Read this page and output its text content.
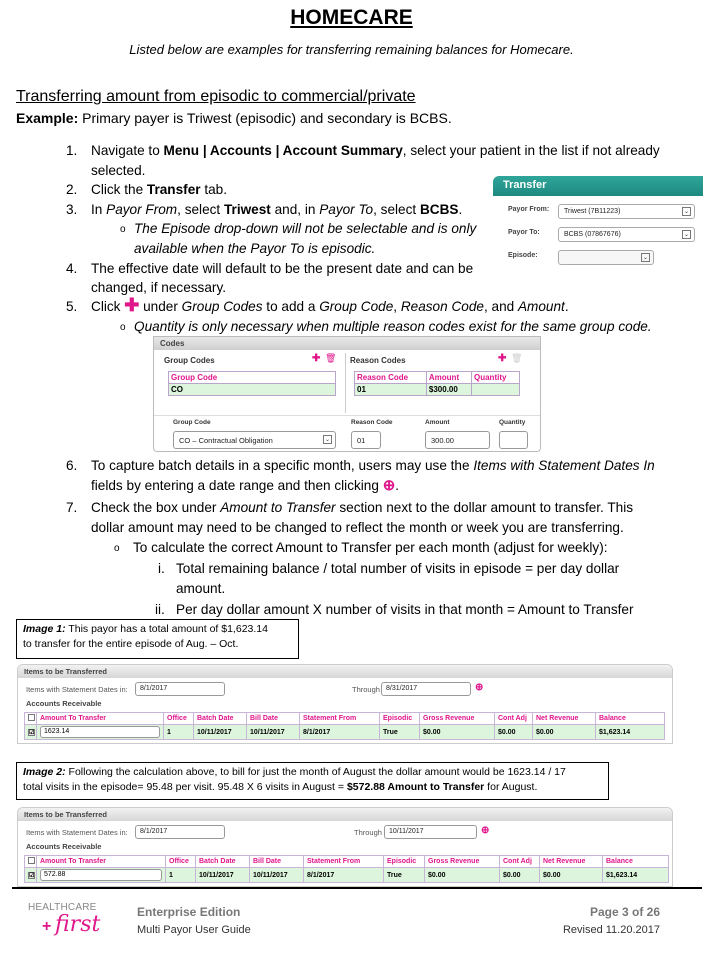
HOMECARE
Listed below are examples for transferring remaining balances for Homecare.
Transferring amount from episodic to commercial/private
Example: Primary payer is Triwest (episodic) and secondary is BCBS.
1. Navigate to Menu | Accounts | Account Summary, select your patient in the list if not already
selected.
2. Click the Transfer tab.
3. In Payor From, select Triwest and, in Payor To, select BCBS.
o The Episode drop-down will not be selectable and is only
available when the Payor To is episodic.
4. The effective date will default to be the present date and can be
changed, if necessary.
Transfer
Payor From:	Triwest (7B11223)	⌄
Payor To:	BCBS (07867676)	⌄
Episode:	⌄
5. Click ✚ under Group Codes to add a Group Code, Reason Code, and Amount.
o Quantity is only necessary when multiple reason codes exist for the same group code.
Codes
Group Codes	✚ 🗑
Group Code
CO
Reason Codes	✚ 🗑
Reason Code	Amount	Quantity
01	$300.00	
Group Code
CO – Contractual Obligation	⌄
Reason Code
01
Amount
300.00
Quantity
6. To capture batch details in a specific month, users may use the Items with Statement Dates In
fields by entering a date range and then clicking ⊕.
7. Check the box under Amount to Transfer section next to the dollar amount to transfer. This
dollar amount may need to be changed to reflect the month or week you are transferring.
o To calculate the correct Amount to Transfer per each month (adjust for weekly):
i. Total remaining balance / total number of visits in episode = per day dollar
amount.
ii. Per day dollar amount X number of visits in that month = Amount to Transfer
Image 1: This payor has a total amount of $1,623.14
to transfer for the entire episode of Aug. – Oct.
Items to be Transferred
Items with Statement Dates in:	8/1/2017	Through 8/31/2017	⊕
Accounts Receivable
	Amount To Transfer	Office	Batch Date	Bill Date	Statement From	Episodic	Gross Revenue	Cont Adj	Net Revenue	Balance
☑	1623.14	1	10/11/2017	10/11/2017	8/1/2017	True	$0.00	$0.00	$0.00	$1,623.14
Image 2: Following the calculation above, to bill for just the month of August the dollar amount would be 1623.14 / 17
total visits in the episode= 95.48 per visit. 95.48 X 6 visits in August = $572.88 Amount to Transfer for August.
Items to be Transferred
Items with Statement Dates in:	8/1/2017	Through	10/11/2017	⊕
Accounts Receivable
	Amount To Transfer	Office	Batch Date	Bill Date	Statement From	Episodic	Gross Revenue	Cont Adj	Net Revenue	Balance
☑	572.88	1	10/11/2017	10/11/2017	8/1/2017	True	$0.00	$0.00	$0.00	$1,623.14
HEALTHCARE
+ first	Enterprise Edition
Multi Payor User Guide
Page 3 of 26
Revised 11.20.2017
